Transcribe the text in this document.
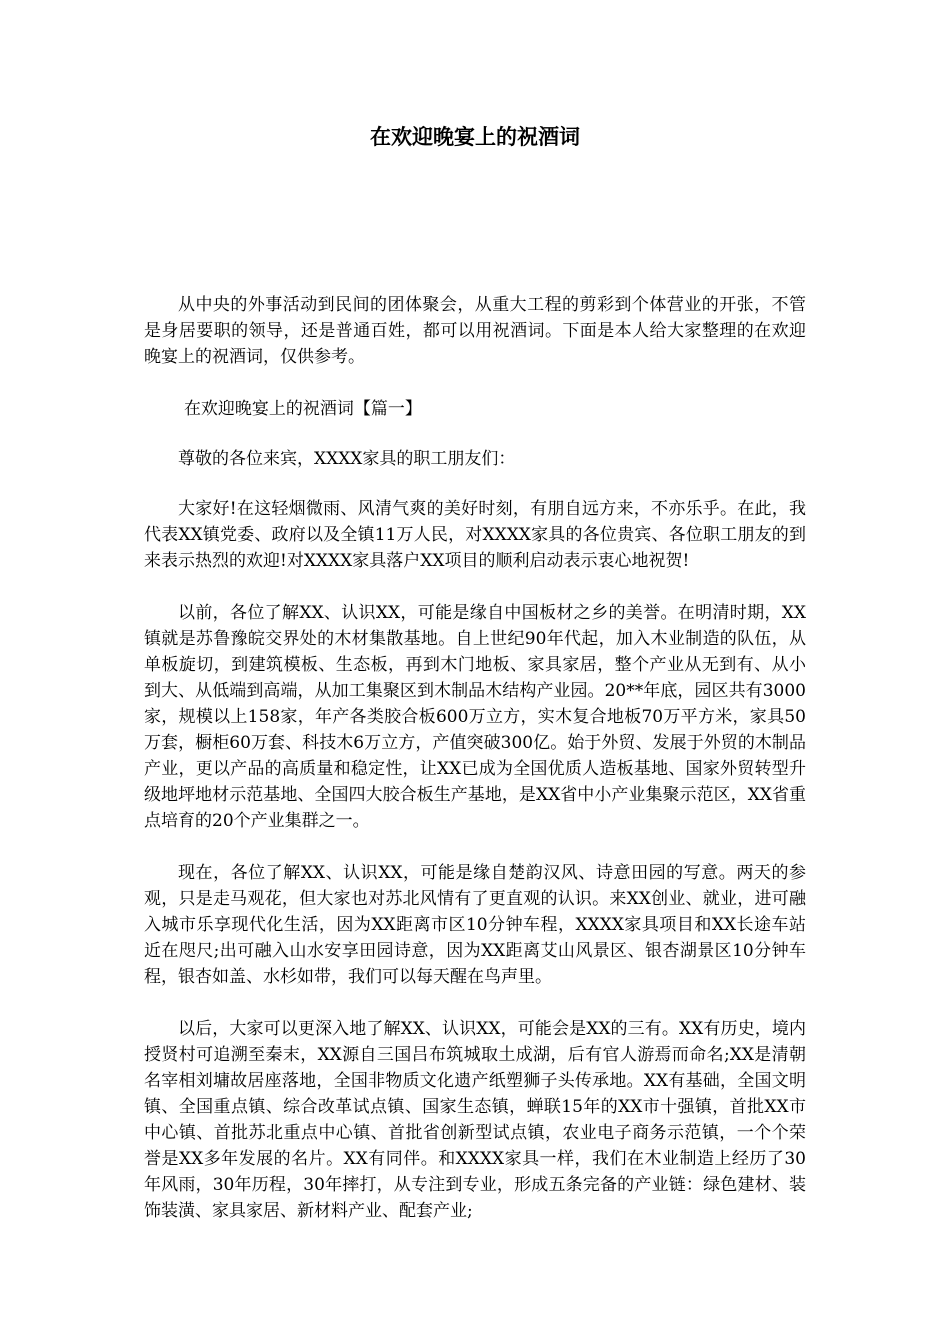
在欢迎晚宴上的祝酒词

从中央的外事活动到民间的团体聚会，从重大工程的剪彩到个体营业的开张，不管是身居要职的领导，还是普通百姓，都可以用祝酒词。下面是本人给大家整理的在欢迎晚宴上的祝酒词，仅供参考。

在欢迎晚宴上的祝酒词【篇一】

尊敬的各位来宾，XXXX家具的职工朋友们：

大家好!在这轻烟微雨、风清气爽的美好时刻，有朋自远方来，不亦乐乎。在此，我代表XX镇党委、政府以及全镇11万人民，对XXXX家具的各位贵宾、各位职工朋友的到来表示热烈的欢迎!对XXXX家具落户XX项目的顺利启动表示衷心地祝贺!

以前，各位了解XX、认识XX，可能是缘自中国板材之乡的美誉。在明清时期，XX镇就是苏鲁豫皖交界处的木材集散基地。自上世纪90年代起，加入木业制造的队伍，从单板旋切，到建筑模板、生态板，再到木门地板、家具家居，整个产业从无到有、从小到大、从低端到高端，从加工集聚区到木制品木结构产业园。20**年底，园区共有3000家，规模以上158家，年产各类胶合板600万立方，实木复合地板70万平方米，家具50万套，橱柜60万套、科技木6万立方，产值突破300亿。始于外贸、发展于外贸的木制品产业，更以产品的高质量和稳定性，让XX已成为全国优质人造板基地、国家外贸转型升级地坪地材示范基地、全国四大胶合板生产基地，是XX省中小产业集聚示范区，XX省重点培育的20个产业集群之一。

现在，各位了解XX、认识XX，可能是缘自楚韵汉风、诗意田园的写意。两天的参观，只是走马观花，但大家也对苏北风情有了更直观的认识。来XX创业、就业，进可融入城市乐享现代化生活，因为XX距离市区10分钟车程，XXXX家具项目和XX长途车站近在咫尺;出可融入山水安享田园诗意，因为XX距离艾山风景区、银杏湖景区10分钟车程，银杏如盖、水杉如带，我们可以每天醒在鸟声里。

以后，大家可以更深入地了解XX、认识XX，可能会是XX的三有。XX有历史，境内授贤村可追溯至秦末，XX源自三国吕布筑城取土成湖，后有官人游焉而命名;XX是清朝名宰相刘墉故居座落地，全国非物质文化遗产纸塑狮子头传承地。XX有基础，全国文明镇、全国重点镇、综合改革试点镇、国家生态镇，蝉联15年的XX市十强镇，首批XX市中心镇、首批苏北重点中心镇、首批省创新型试点镇，农业电子商务示范镇，一个个荣誉是XX多年发展的名片。XX有同伴。和XXXX家具一样，我们在木业制造上经历了30年风雨，30年历程，30年摔打，从专注到专业，形成五条完备的产业链：绿色建材、装饰装潢、家具家居、新材料产业、配套产业;
